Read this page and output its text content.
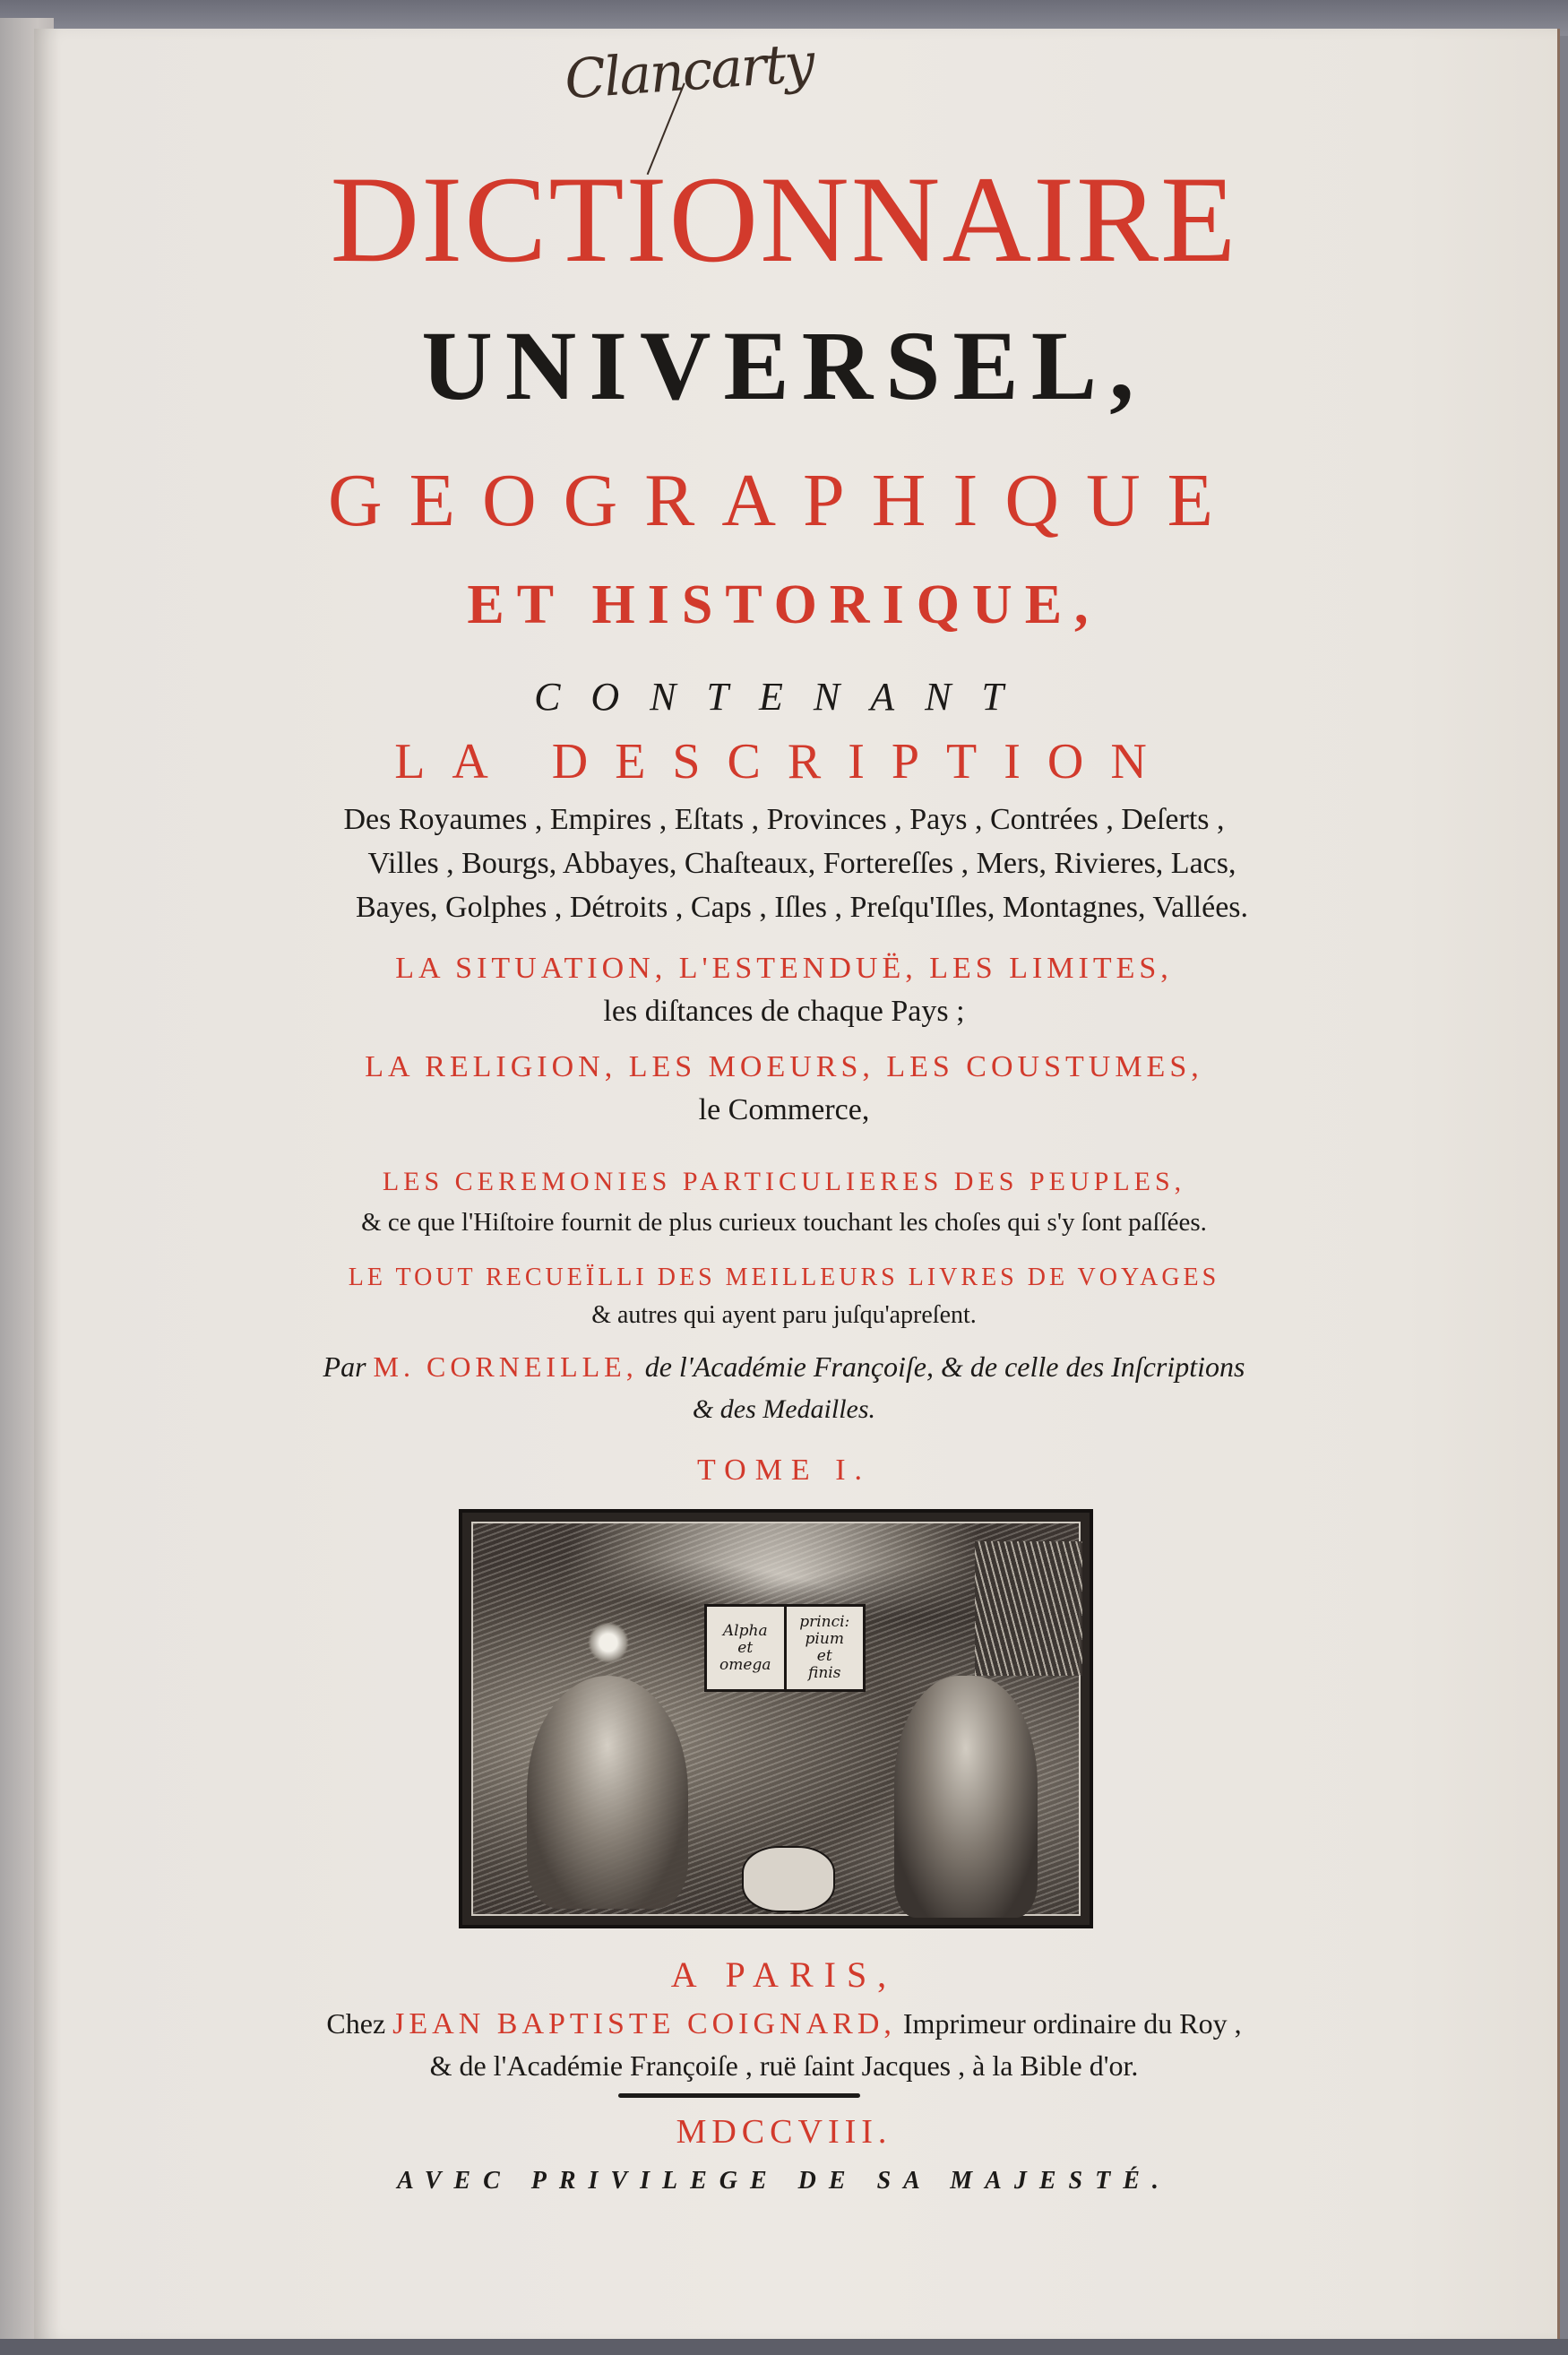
Clancarty
DICTIONNAIRE
UNIVERSEL,
GEOGRAPHIQUE
ET HISTORIQUE,
CONTENANT
LA DESCRIPTION
Des Royaumes , Empires , Eſtats , Provinces , Pays , Contrées , Deſerts ,
Villes , Bourgs, Abbayes, Chaſteaux, Fortereſſes , Mers, Rivieres, Lacs,
Bayes, Golphes , Détroits , Caps , Iſles , Preſqu'Iſles, Montagnes, Vallées.
LA SITUATION, L'ESTENDUË, LES LIMITES,
les diſtances de chaque Pays ;
LA RELIGION, LES MOEURS, LES COUSTUMES,
le Commerce,
LES CEREMONIES PARTICULIERES DES PEUPLES,
& ce que l'Hiſtoire fournit de plus curieux touchant les choſes qui s'y ſont paſſées.
LE TOUT RECUEÏLLI DES MEILLEURS LIVRES DE VOYAGES
& autres qui ayent paru juſqu'apreſent.
Par M. CORNEILLE, de l'Académie Françoiſe, & de celle des Inſcriptions
& des Medailles.
TOME I.
Alpha
et
omega
princi:
pium
et
finis
A PARIS,
Chez JEAN BAPTISTE COIGNARD, Imprimeur ordinaire du Roy ,
& de l'Académie Françoiſe , ruë ſaint Jacques , à la Bible d'or.
MDCCVIII.
AVEC PRIVILEGE DE SA MAJESTÉ.
